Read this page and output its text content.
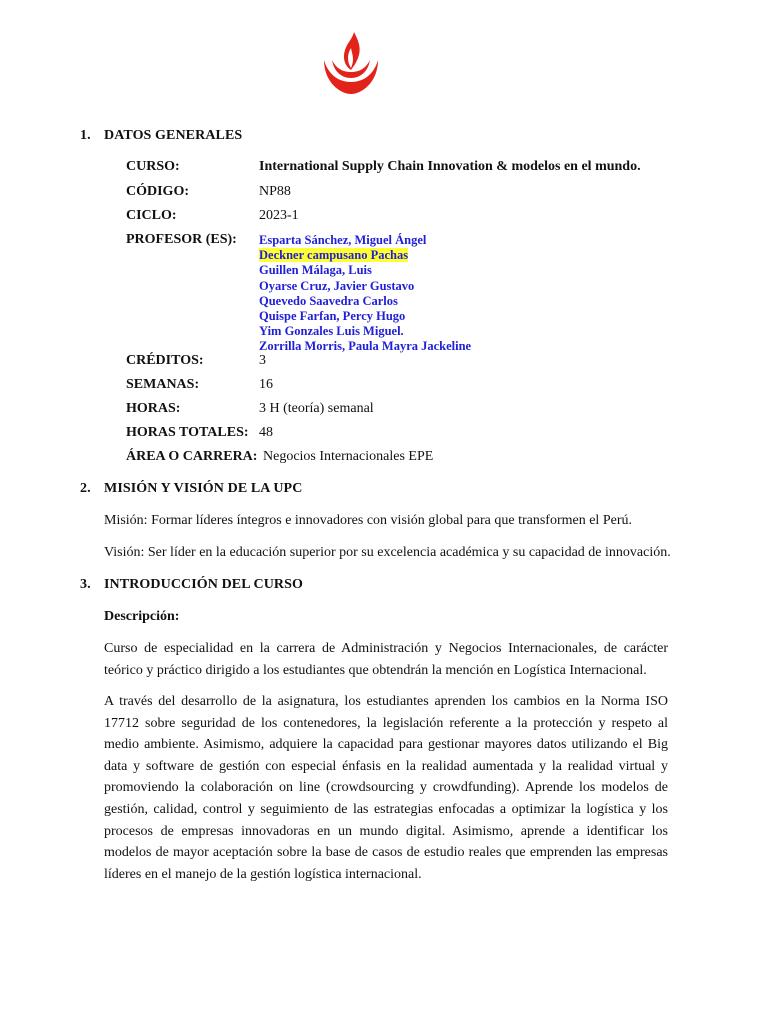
1. DATOS GENERALES
CURSO:	International Supply Chain Innovation & modelos en el mundo.
CÓDIGO:	NP88
CICLO:	2023-1
PROFESOR (ES): Esparta Sánchez, Miguel Ángel
Deckner campusano Pachas
Guillen Málaga, Luis
Oyarse Cruz, Javier Gustavo
Quevedo Saavedra Carlos
Quispe Farfan, Percy Hugo
Yim Gonzales Luis Miguel.
Zorrilla Morris, Paula Mayra Jackeline
CRÉDITOS:	3
SEMANAS:	16
HORAS:	3 H (teoría) semanal
HORAS TOTALES: 48
ÁREA O CARRERA: Negocios Internacionales EPE
2. MISIÓN Y VISIÓN DE LA UPC
Misión: Formar líderes íntegros e innovadores con visión global para que transformen el Perú.
Visión: Ser líder en la educación superior por su excelencia académica y su capacidad de innovación.
3. INTRODUCCIÓN DEL CURSO
Descripción:
Curso de especialidad en la carrera de Administración y Negocios Internacionales, de carácter teórico y práctico dirigido a los estudiantes que obtendrán la mención en Logística Internacional.
A través del desarrollo de la asignatura, los estudiantes aprenden los cambios en la Norma ISO 17712 sobre seguridad de los contenedores, la legislación referente a la protección y respeto al medio ambiente. Asimismo, adquiere la capacidad para gestionar mayores datos utilizando el Big data y software de gestión con especial énfasis en la realidad aumentada y la realidad virtual y promoviendo la colaboración on line (crowdsourcing y crowdfunding). Aprende los modelos de gestión, calidad, control y seguimiento de las estrategias enfocadas a optimizar la logística y los procesos de empresas innovadoras en un mundo digital. Asimismo, aprende a identificar los modelos de mayor aceptación sobre la base de casos de estudio reales que emprenden las empresas líderes en el manejo de la gestión logística internacional.
